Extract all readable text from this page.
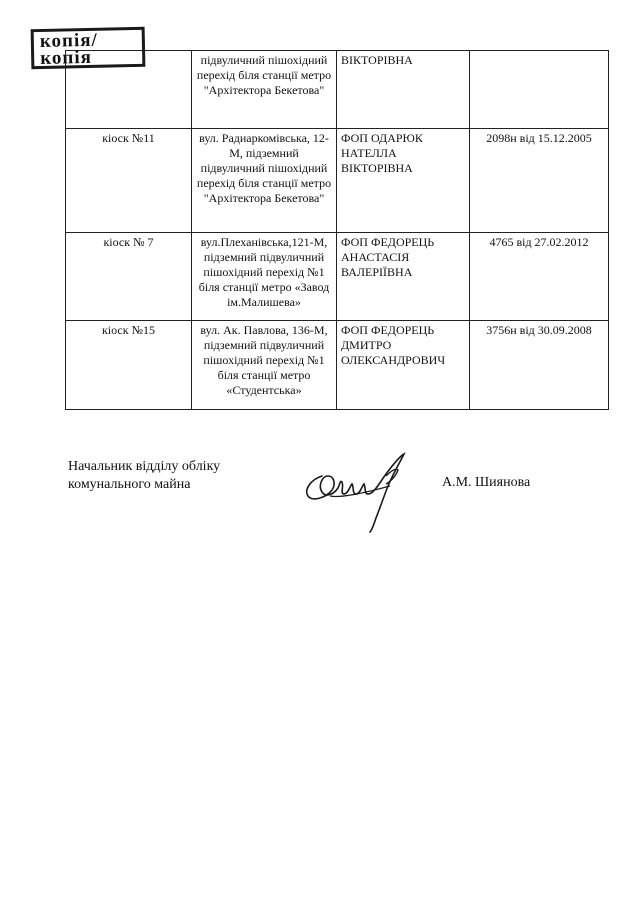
	підвуличний пішохідний перехід біля станції метро "Архітектора Бекетова"	ВІКТОРІВНА	
кіоск №11	вул. Радиаркомівська, 12-М, підземний підвуличний пішохідний перехід біля станції метро "Архітектора Бекетова"	ФОП ОДАРЮК НАТЕЛЛА ВІКТОРІВНА	2098н від 15.12.2005
кіоск № 7	вул.Плеханівська,121-М, підземний підвуличний пішохідний перехід №1 біля станції метро «Завод ім.Малишева»	ФОП ФЕДОРЕЦЬ АНАСТАСІЯ ВАЛЕРІЇВНА	4765 від 27.02.2012
кіоск №15	вул. Ак. Павлова, 136-М, підземний підвуличний пішохідний перехід №1 біля станції метро «Студентська»	ФОП ФЕДОРЕЦЬ ДМИТРО ОЛЕКСАНДРОВИЧ	3756н від 30.09.2008
копія/
копія
Начальник відділу обліку
комунального майна	А.М. Шиянова
